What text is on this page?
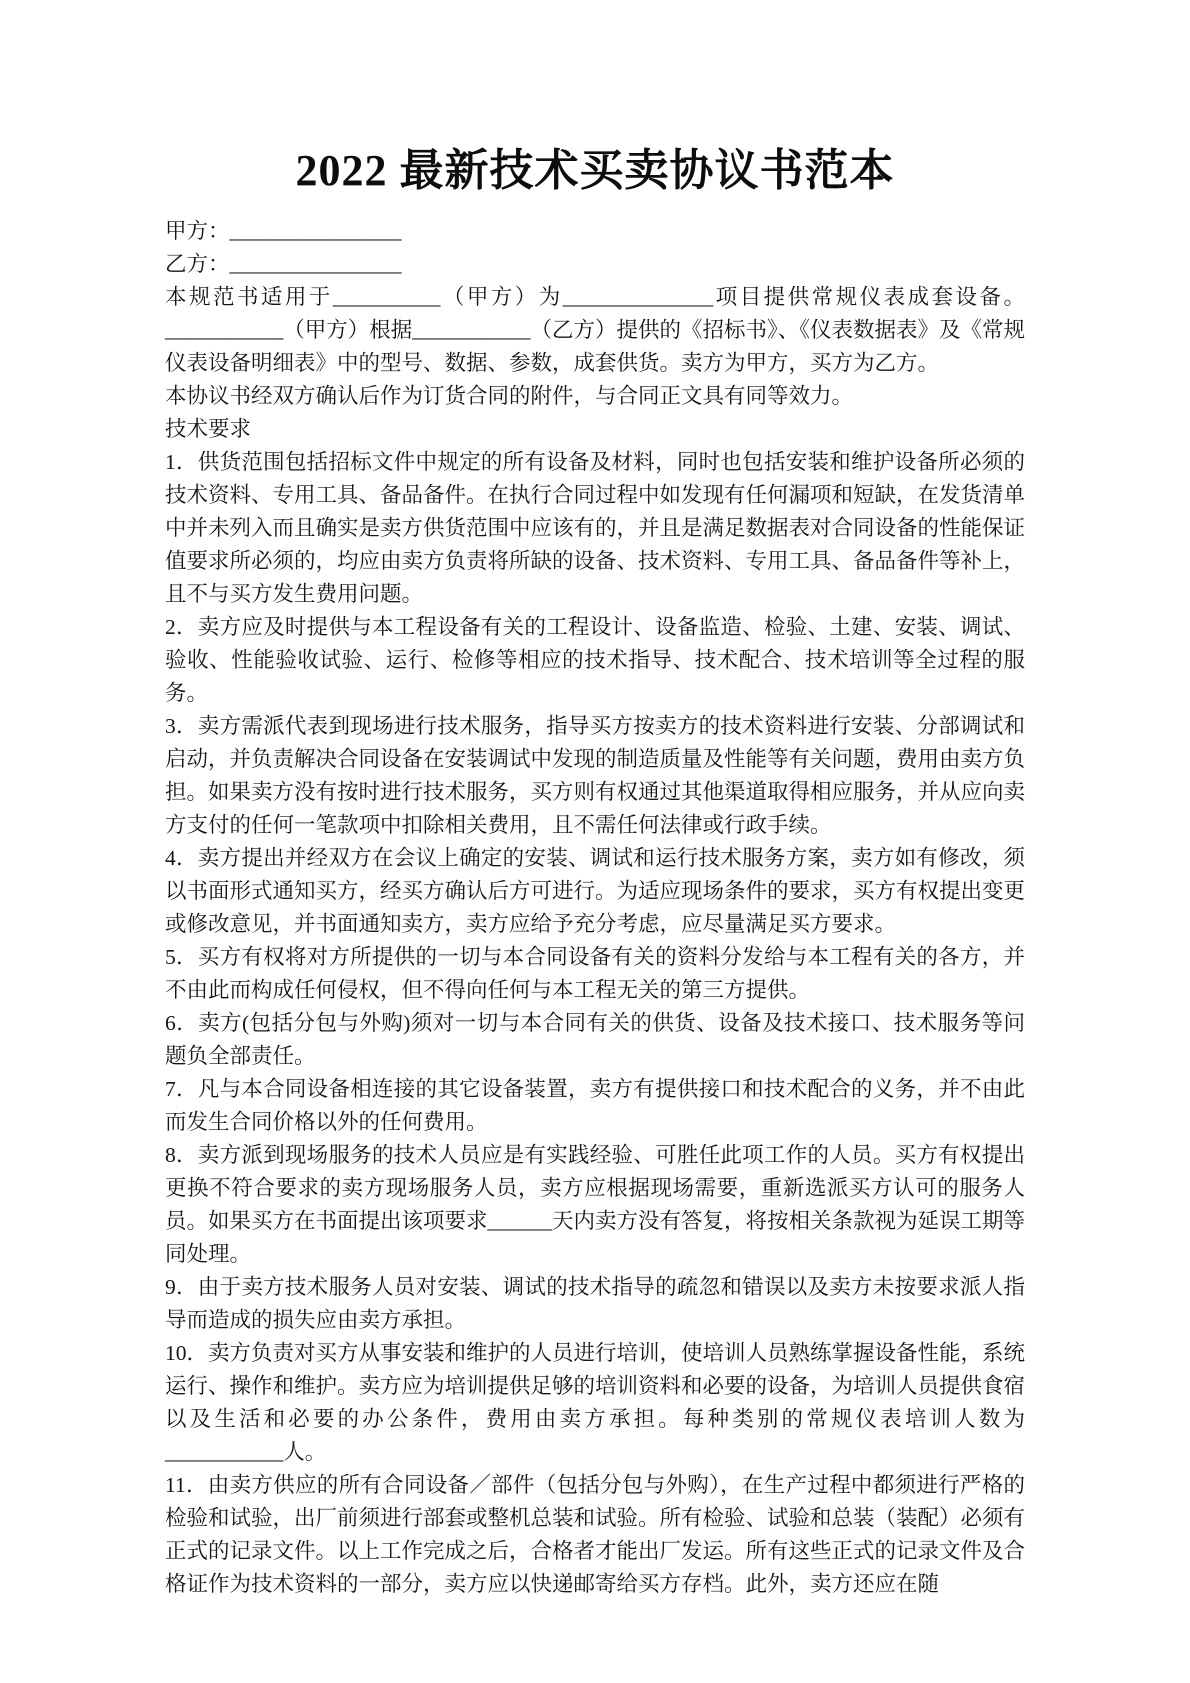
2022 最新技术买卖协议书范本

甲方：________________

乙方：________________

本规范书适用于__________（甲方）为______________项目提供常规仪表成套设备。___________（甲方）根据___________（乙方）提供的《招标书》、《仪表数据表》及《常规仪表设备明细表》中的型号、数据、参数，成套供货。卖方为甲方，买方为乙方。

本协议书经双方确认后作为订货合同的附件，与合同正文具有同等效力。

技术要求

1．供货范围包括招标文件中规定的所有设备及材料，同时也包括安装和维护设备所必须的技术资料、专用工具、备品备件。在执行合同过程中如发现有任何漏项和短缺，在发货清单中并未列入而且确实是卖方供货范围中应该有的，并且是满足数据表对合同设备的性能保证值要求所必须的，均应由卖方负责将所缺的设备、技术资料、专用工具、备品备件等补上，且不与买方发生费用问题。

2．卖方应及时提供与本工程设备有关的工程设计、设备监造、检验、土建、安装、调试、验收、性能验收试验、运行、检修等相应的技术指导、技术配合、技术培训等全过程的服务。

3．卖方需派代表到现场进行技术服务，指导买方按卖方的技术资料进行安装、分部调试和启动，并负责解决合同设备在安装调试中发现的制造质量及性能等有关问题，费用由卖方负担。如果卖方没有按时进行技术服务，买方则有权通过其他渠道取得相应服务，并从应向卖方支付的任何一笔款项中扣除相关费用，且不需任何法律或行政手续。

4．卖方提出并经双方在会议上确定的安装、调试和运行技术服务方案，卖方如有修改，须以书面形式通知买方，经买方确认后方可进行。为适应现场条件的要求，买方有权提出变更或修改意见，并书面通知卖方，卖方应给予充分考虑，应尽量满足买方要求。

5．买方有权将对方所提供的一切与本合同设备有关的资料分发给与本工程有关的各方，并不由此而构成任何侵权，但不得向任何与本工程无关的第三方提供。

6．卖方(包括分包与外购)须对一切与本合同有关的供货、设备及技术接口、技术服务等问题负全部责任。

7．凡与本合同设备相连接的其它设备装置，卖方有提供接口和技术配合的义务，并不由此而发生合同价格以外的任何费用。

8．卖方派到现场服务的技术人员应是有实践经验、可胜任此项工作的人员。买方有权提出更换不符合要求的卖方现场服务人员，卖方应根据现场需要，重新选派买方认可的服务人员。如果买方在书面提出该项要求______天内卖方没有答复，将按相关条款视为延误工期等同处理。

9．由于卖方技术服务人员对安装、调试的技术指导的疏忽和错误以及卖方未按要求派人指导而造成的损失应由卖方承担。

10．卖方负责对买方从事安装和维护的人员进行培训，使培训人员熟练掌握设备性能，系统运行、操作和维护。卖方应为培训提供足够的培训资料和必要的设备，为培训人员提供食宿以及生活和必要的办公条件，费用由卖方承担。每种类别的常规仪表培训人数为___________人。

11．由卖方供应的所有合同设备／部件（包括分包与外购），在生产过程中都须进行严格的检验和试验，出厂前须进行部套或整机总装和试验。所有检验、试验和总装（装配）必须有正式的记录文件。以上工作完成之后，合格者才能出厂发运。所有这些正式的记录文件及合格证作为技术资料的一部分，卖方应以快递邮寄给买方存档。此外，卖方还应在随
